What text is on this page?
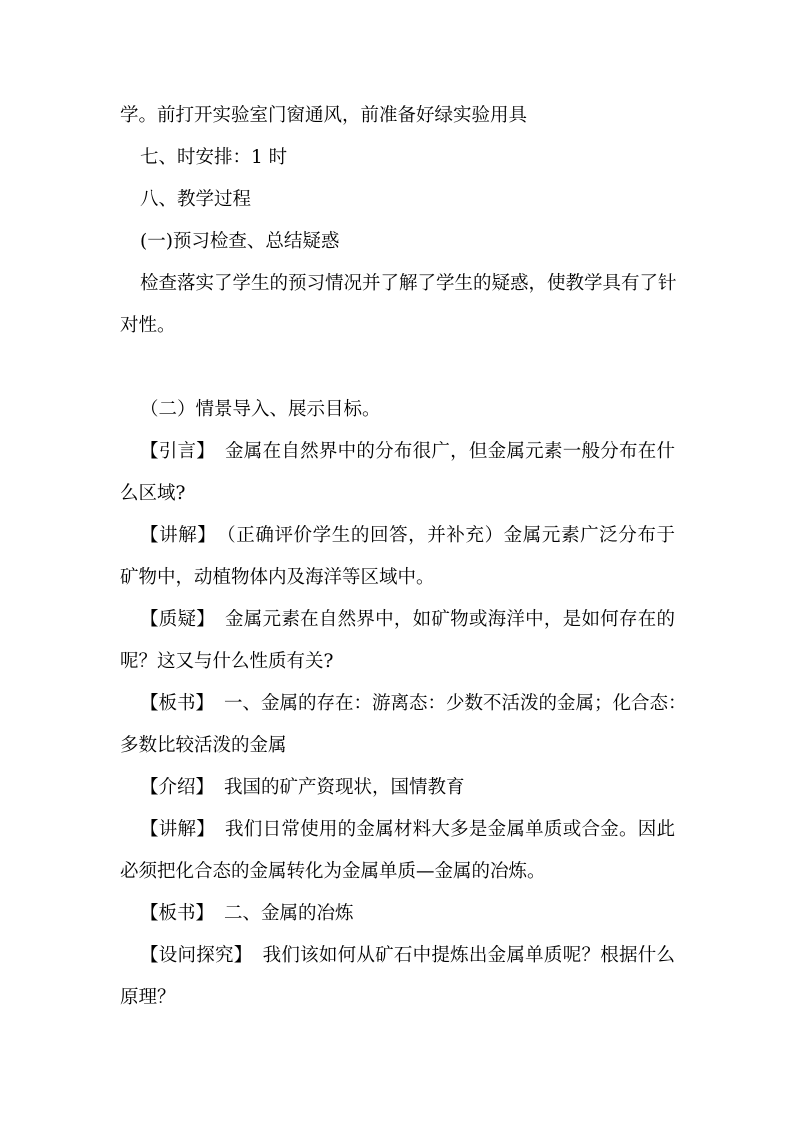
学。前打开实验室门窗通风，前准备好绿实验用具
七、时安排：1 时
八、教学过程
(一)预习检查、总结疑惑
检查落实了学生的预习情况并了解了学生的疑惑，使教学具有了针
对性。
（二）情景导入、展示目标。
【引言】 金属在自然界中的分布很广，但金属元素一般分布在什
么区域?
【讲解】 （正确评价学生的回答，并补充）金属元素广泛分布于
矿物中，动植物体内及海洋等区域中。
【质疑】 金属元素在自然界中，如矿物或海洋中，是如何存在的
呢？这又与什么性质有关?
【板书】 一、金属的存在：游离态：少数不活泼的金属；化合态：
多数比较活泼的金属
【介绍】 我国的矿产资现状，国情教育
【讲解】 我们日常使用的金属材料大多是金属单质或合金。因此
必须把化合态的金属转化为金属单质—金属的冶炼。
【板书】 二、金属的冶炼
【设问探究】 我们该如何从矿石中提炼出金属单质呢？根据什么
原理？
